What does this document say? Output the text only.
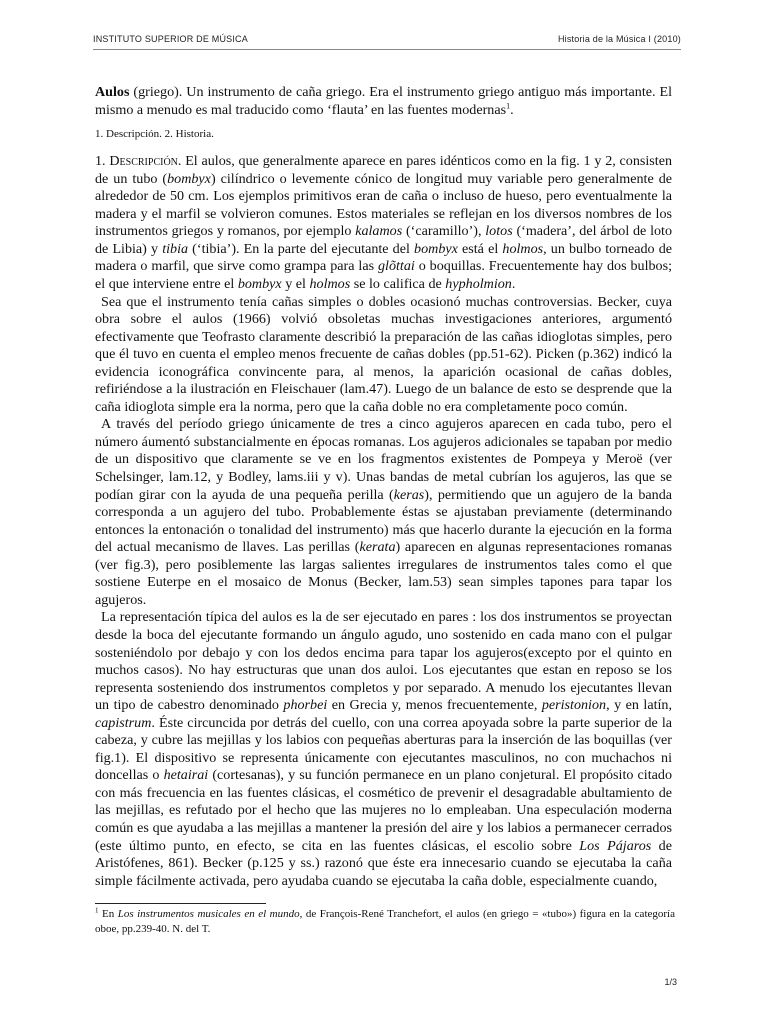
INSTITUTO SUPERIOR DE MÚSICA	Historia de la Música I (2010)

Aulos (griego). Un instrumento de caña griego. Era el instrumento griego antiguo más importante. El mismo a menudo es mal traducido como ‘flauta’ en las fuentes modernas$^1$.

1. Descripción. 2. Historia.

1. Descripción. El aulos, que generalmente aparece en pares idénticos como en la fig. 1 y 2, consisten de un tubo (bombyx) cilíndrico o levemente cónico de longitud muy variable pero generalmente de alrededor de 50 cm. Los ejemplos primitivos eran de caña o incluso de hueso, pero eventualmente la madera y el marfil se volvieron comunes. Estos materiales se reflejan en los diversos nombres de los instrumentos griegos y romanos, por ejemplo kalamos (‘caramillo’), lotos (‘madera’, del árbol de loto de Libia) y tibia (‘tibia’). En la parte del ejecutante del bombyx está el holmos, un bulbo torneado de madera o marfil, que sirve como grampa para las glõttai o boquillas. Frecuentemente hay dos bulbos; el que interviene entre el bombyx y el holmos se lo califica de hypholmion.

Sea que el instrumento tenía cañas simples o dobles ocasionó muchas controversias. Becker, cuya obra sobre el aulos (1966) volvió obsoletas muchas investigaciones anteriores, argumentó efectivamente que Teofrasto claramente describió la preparación de las cañas idioglotas simples, pero que él tuvo en cuenta el empleo menos frecuente de cañas dobles (pp.51-62). Picken (p.362) indicó la evidencia iconográfica convincente para, al menos, la aparición ocasional de cañas dobles, refiriéndose a la ilustración en Fleischauer (lam.47). Luego de un balance de esto se desprende que la caña idioglota simple era la norma, pero que la caña doble no era completamente poco común.

A través del período griego únicamente de tres a cinco agujeros aparecen en cada tubo, pero el número áumentó substancialmente en épocas romanas. Los agujeros adicionales se tapaban por medio de un dispositivo que claramente se ve en los fragmentos existentes de Pompeya y Meroë (ver Schelsinger, lam.12, y Bodley, lams.iii y v). Unas bandas de metal cubrían los agujeros, las que se podían girar con la ayuda de una pequeña perilla (keras), permitiendo que un agujero de la banda corresponda a un agujero del tubo. Probablemente éstas se ajustaban previamente (determinando entonces la entonación o tonalidad del instrumento) más que hacerlo durante la ejecución en la forma del actual mecanismo de llaves. Las perillas (kerata) aparecen en algunas representaciones romanas (ver fig.3), pero posiblemente las largas salientes irregulares de instrumentos tales como el que sostiene Euterpe en el mosaico de Monus (Becker, lam.53) sean simples tapones para tapar los agujeros.

La representación típica del aulos es la de ser ejecutado en pares : los dos instrumentos se proyectan desde la boca del ejecutante formando un ángulo agudo, uno sostenido en cada mano con el pulgar sosteniéndolo por debajo y con los dedos encima para tapar los agujeros(excepto por el quinto en muchos casos). No hay estructuras que unan dos auloi. Los ejecutantes que estan en reposo se los representa sosteniendo dos instrumentos completos y por separado. A menudo los ejecutantes llevan un tipo de cabestro denominado phorbei en Grecia y, menos frecuentemente, peristonion, y en latín, capistrum. Éste circuncida por detrás del cuello, con una correa apoyada sobre la parte superior de la cabeza, y cubre las mejillas y los labios con pequeñas aberturas para la inserción de las boquillas (ver fig.1). El dispositivo se representa únicamente con ejecutantes masculinos, no con muchachos ni doncellas o hetairai (cortesanas), y su función permanece en un plano conjetural. El propósito citado con más frecuencia en las fuentes clásicas, el cosmético de prevenir el desagradable abultamiento de las mejillas, es refutado por el hecho que las mujeres no lo empleaban. Una especulación moderna común es que ayudaba a las mejillas a mantener la presión del aire y los labios a permanecer cerrados (este último punto, en efecto, se cita en las fuentes clásicas, el escolio sobre Los Pájaros de Aristófenes, 861). Becker (p.125 y ss.) razonó que éste era innecesario cuando se ejecutaba la caña simple fácilmente activada, pero ayudaba cuando se ejecutaba la caña doble, especialmente cuando,

$^1$ En Los instrumentos musicales en el mundo, de François-René Tranchefort, el aulos (en griego = «tubo») figura en la categoría oboe, pp.239-40. N. del T.
1/3
